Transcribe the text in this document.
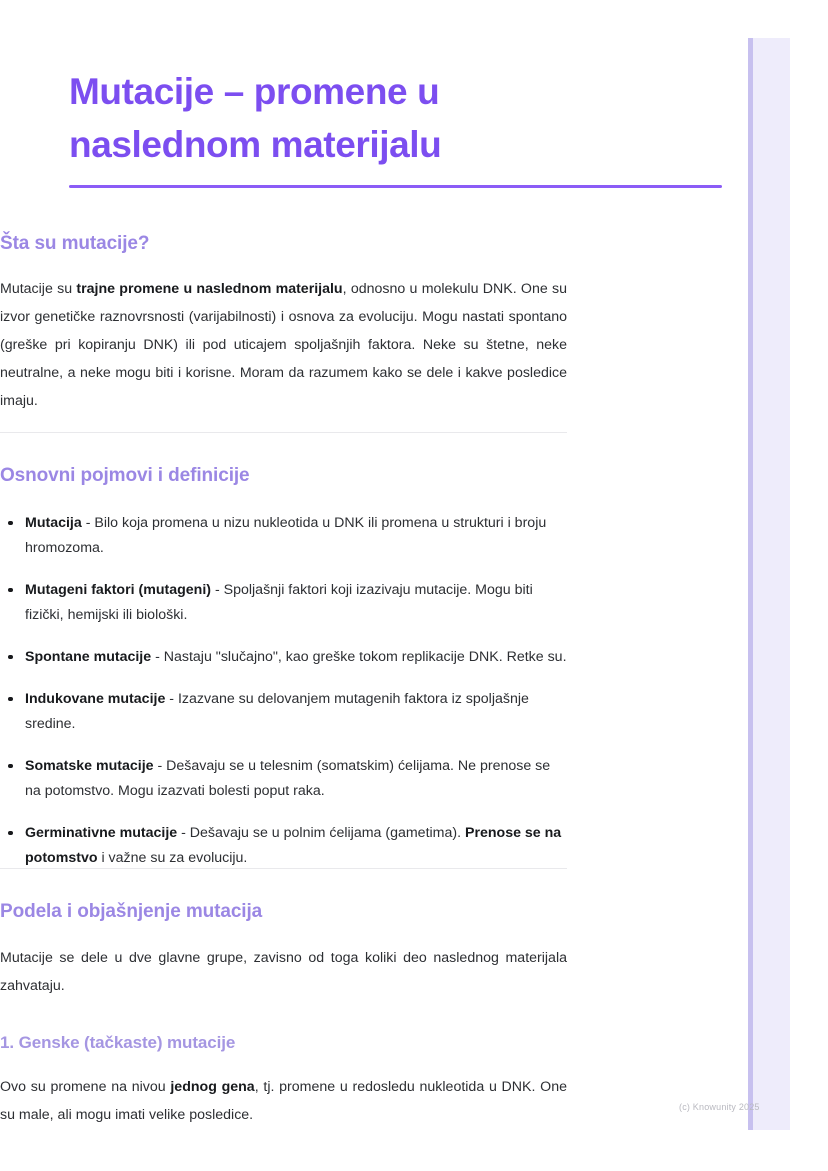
Mutacije – promene u naslednom materijalu
Šta su mutacije?

Mutacije su trajne promene u naslednom materijalu, odnosno u molekulu DNK. One su izvor genetičke raznovrsnosti (varijabilnosti) i osnova za evoluciju. Mogu nastati spontano (greške pri kopiranju DNK) ili pod uticajem spoljašnjih faktora. Neke su štetne, neke neutralne, a neke mogu biti i korisne. Moram da razumem kako se dele i kakve posledice imaju.

Osnovni pojmovi i definicije
Mutacija - Bilo koja promena u nizu nukleotida u DNK ili promena u strukturi i broju hromozoma.
Mutageni faktori (mutageni) - Spoljašnji faktori koji izazivaju mutacije. Mogu biti fizički, hemijski ili biološki.
Spontane mutacije - Nastaju "slučajno", kao greške tokom replikacije DNK. Retke su.
Indukovane mutacije - Izazvane su delovanjem mutagenih faktora iz spoljašnje sredine.
Somatske mutacije - Dešavaju se u telesnim (somatskim) ćelijama. Ne prenose se na potomstvo. Mogu izazvati bolesti poput raka.
Germinativne mutacije - Dešavaju se u polnim ćelijama (gametima). Prenose se na potomstvo i važne su za evoluciju.
Podela i objašnjenje mutacija

Mutacije se dele u dve glavne grupe, zavisno od toga koliki deo naslednog materijala zahvataju.

1. Genske (tačkaste) mutacije

Ovo su promene na nivou jednog gena, tj. promene u redosledu nukleotida u DNK. One su male, ali mogu imati velike posledice.	(c) Knowunity 2025
